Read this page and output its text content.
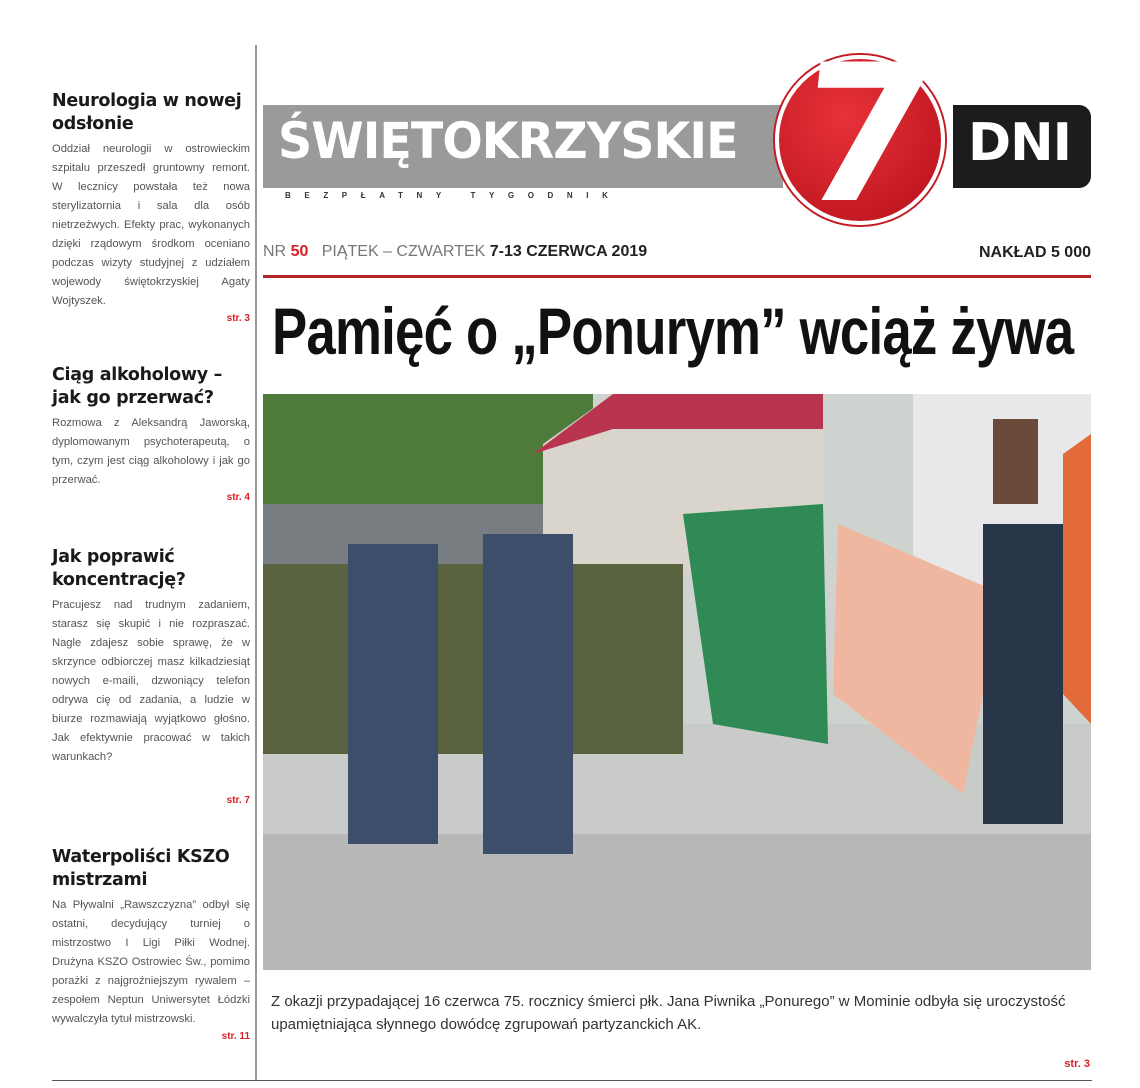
Neurologia w nowej odsłonie

Oddział neurologii w ostrowieckim szpitalu przeszedł gruntowny remont. W lecznicy powstała też nowa sterylizatornia i sala dla osób nietrzeźwych. Efekty prac, wykonanych dzięki rządowym środkom oceniano podczas wizyty studyjnej z udziałem wojewody świętokrzyskiej Agaty Wojtyszek.

str. 3
Ciąg alkoholowy – jak go przerwać?

Rozmowa z Aleksandrą Jaworską, dyplomowanym psychoterapeutą, o tym, czym jest ciąg alkoholowy i jak go przerwać.

str. 4
Jak poprawić koncentrację?

Pracujesz nad trudnym zadaniem, starasz się skupić i nie rozpraszać. Nagle zdajesz sobie sprawę, że w skrzynce odbiorczej masz kilkadziesiąt nowych e-maili, dzwoniący telefon odrywa cię od zadania, a ludzie w biurze rozmawiają wyjątkowo głośno. Jak efektywnie pracować w takich warunkach?

str. 7
Waterpoliści KSZO mistrzami

Na Pływalni „Rawszczyzna” odbył się ostatni, decydujący turniej o mistrzostwo I Ligi Piłki Wodnej. Drużyna KSZO Ostrowiec Św., pomimo porażki z najgroźniejszym rywalem – zespołem Neptun Uniwersytet Łódzki wywalczyła tytuł mistrzowski.

str. 11
ŚWIĘTOKRZYSKIE
BEZPŁATNY TYGODNIK
DNI
7
NR 50 PIĄTEK – CZWARTEK 7-13 CZERWCA 2019	NAKŁAD 5 000
Pamięć o „Ponurym” wciąż żywa
Z okazji przypadającej 16 czerwca 75. rocznicy śmierci płk. Jana Piwnika „Ponurego” w Mominie odbyła się uroczystość upamiętniająca słynnego dowódcę zgrupowań partyzanckich AK.
str. 3
